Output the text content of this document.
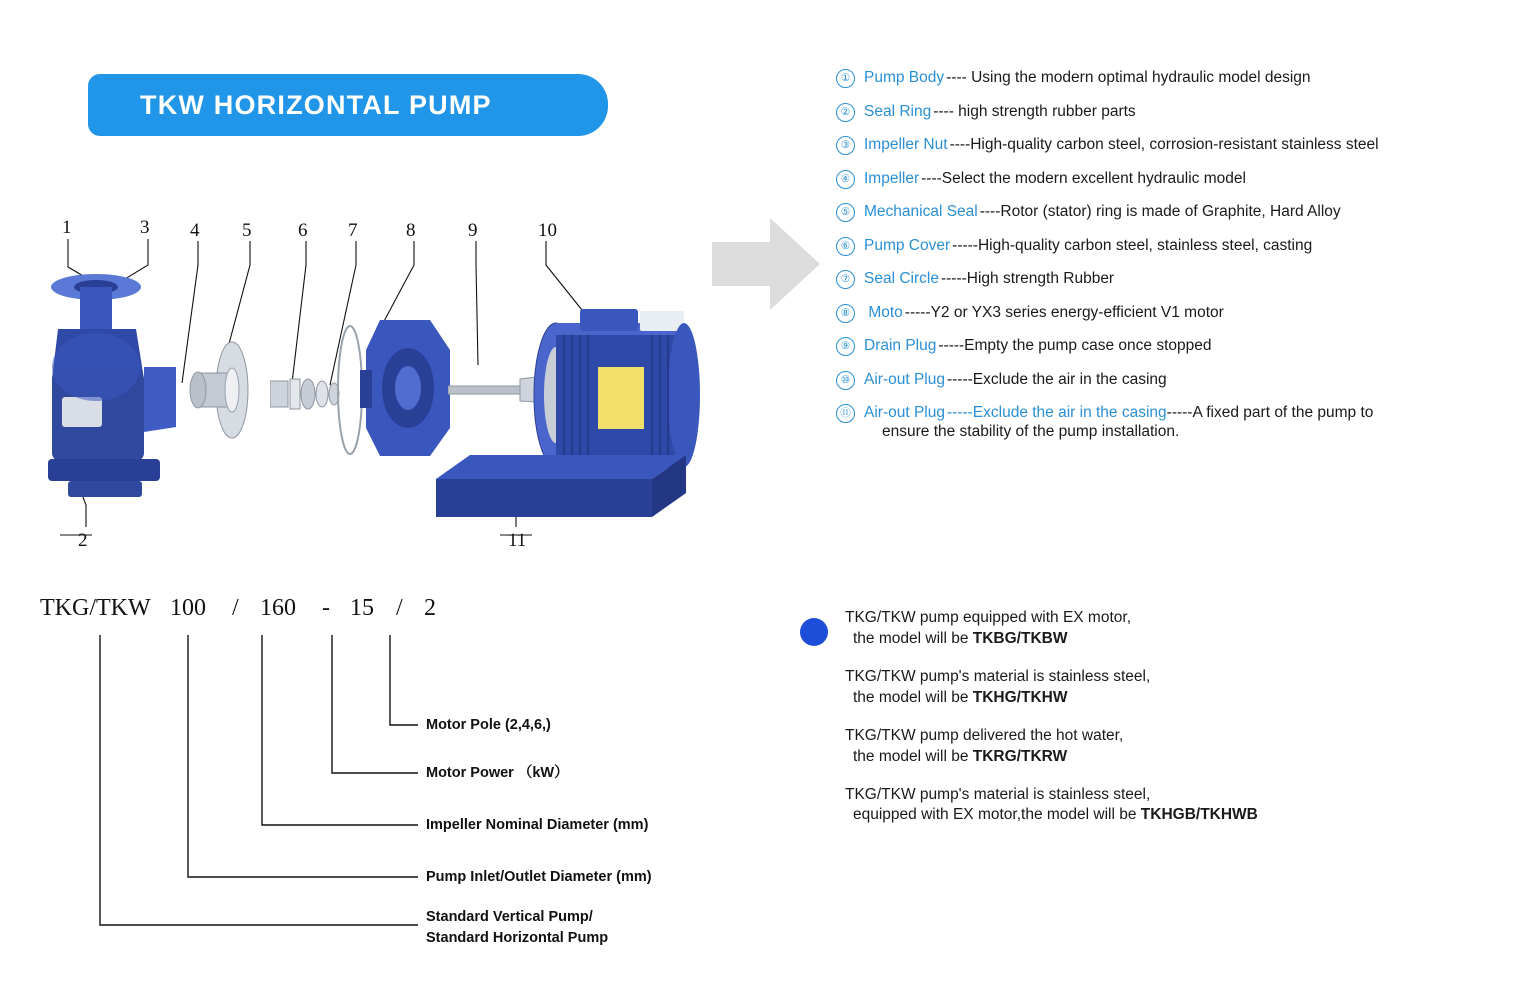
TKW HORIZONTAL PUMP
1	3 4 5 6 7	8	9	10
2	11
① Pump Body ---- Using the modern optimal hydraulic model design
② Seal Ring ---- high strength rubber parts
③ Impeller Nut ----High-quality carbon steel, corrosion-resistant stainless steel
④ Impeller ----Select the modern excellent hydraulic model
⑤ Mechanical Seal ----Rotor (stator) ring is made of Graphite, Hard Alloy
⑥ Pump Cover -----High-quality carbon steel, stainless steel, casting
⑦ Seal Circle -----High strength Rubber
⑧	Moto -----Y2 or YX3 series energy-efficient V1 motor
⑨ Drain Plug -----Empty the pump case once stopped
⑩ Air-out Plug -----Exclude the air in the casing
⑪ Air-out Plug -----Exclude the air in the casing-----A fixed part of the pump to
ensure the stability of the pump installation.
TKG/TKW 100	/ 160	- 15 / 2
Motor Pole (2,4,6,)
Motor Power （kW）
Impeller Nominal Diameter (mm)
Pump Inlet/Outlet Diameter (mm)
Standard Vertical Pump/
Standard Horizontal Pump

TKG/TKW pump equipped with EX motor,
the model will be TKBG/TKBW

TKG/TKW pump's material is stainless steel,
the model will be TKHG/TKHW

TKG/TKW pump delivered the hot water,
the model will be TKRG/TKRW

TKG/TKW pump's material is stainless steel,
equipped with EX motor,the model will be TKHGB/TKHWB
